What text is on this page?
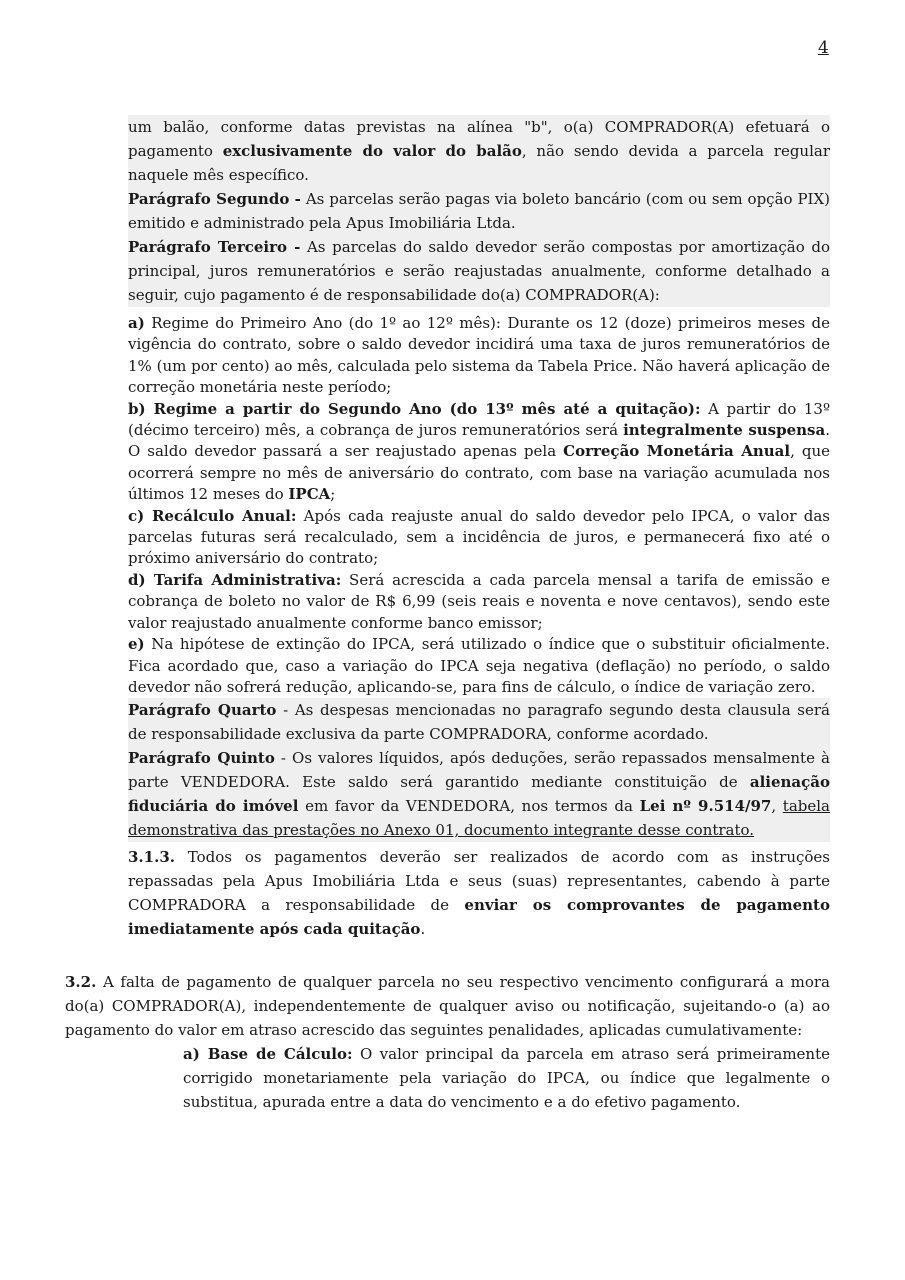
4

um balão, conforme datas previstas na alínea "b", o(a) COMPRADOR(A) efetuará o pagamento exclusivamente do valor do balão, não sendo devida a parcela regular naquele mês específico.

Parágrafo Segundo - As parcelas serão pagas via boleto bancário (com ou sem opção PIX) emitido e administrado pela Apus Imobiliária Ltda.

Parágrafo Terceiro - As parcelas do saldo devedor serão compostas por amortização do principal, juros remuneratórios e serão reajustadas anualmente, conforme detalhado a seguir, cujo pagamento é de responsabilidade do(a) COMPRADOR(A):

a) Regime do Primeiro Ano (do 1º ao 12º mês): Durante os 12 (doze) primeiros meses de vigência do contrato, sobre o saldo devedor incidirá uma taxa de juros remuneratórios de 1% (um por cento) ao mês, calculada pelo sistema da Tabela Price. Não haverá aplicação de correção monetária neste período;

b) Regime a partir do Segundo Ano (do 13º mês até a quitação): A partir do 13º (décimo terceiro) mês, a cobrança de juros remuneratórios será integralmente suspensa. O saldo devedor passará a ser reajustado apenas pela Correção Monetária Anual, que ocorrerá sempre no mês de aniversário do contrato, com base na variação acumulada nos últimos 12 meses do IPCA;

c) Recálculo Anual: Após cada reajuste anual do saldo devedor pelo IPCA, o valor das parcelas futuras será recalculado, sem a incidência de juros, e permanecerá fixo até o próximo aniversário do contrato;

d) Tarifa Administrativa: Será acrescida a cada parcela mensal a tarifa de emissão e cobrança de boleto no valor de R$ 6,99 (seis reais e noventa e nove centavos), sendo este valor reajustado anualmente conforme banco emissor;

e) Na hipótese de extinção do IPCA, será utilizado o índice que o substituir oficialmente. Fica acordado que, caso a variação do IPCA seja negativa (deflação) no período, o saldo devedor não sofrerá redução, aplicando-se, para fins de cálculo, o índice de variação zero.

Parágrafo Quarto - As despesas mencionadas no paragrafo segundo desta clausula será de responsabilidade exclusiva da parte COMPRADORA, conforme acordado.

Parágrafo Quinto - Os valores líquidos, após deduções, serão repassados mensalmente à parte VENDEDORA. Este saldo será garantido mediante constituição de alienação fiduciária do imóvel em favor da VENDEDORA, nos termos da Lei nº 9.514/97, tabela demonstrativa das prestações no Anexo 01, documento integrante desse contrato.

3.1.3. Todos os pagamentos deverão ser realizados de acordo com as instruções repassadas pela Apus Imobiliária Ltda e seus (suas) representantes, cabendo à parte COMPRADORA a responsabilidade de enviar os comprovantes de pagamento imediatamente após cada quitação.

3.2. A falta de pagamento de qualquer parcela no seu respectivo vencimento configurará a mora do(a) COMPRADOR(A), independentemente de qualquer aviso ou notificação, sujeitando-o (a) ao pagamento do valor em atraso acrescido das seguintes penalidades, aplicadas cumulativamente:

a) Base de Cálculo: O valor principal da parcela em atraso será primeiramente corrigido monetariamente pela variação do IPCA, ou índice que legalmente o substitua, apurada entre a data do vencimento e a do efetivo pagamento.
